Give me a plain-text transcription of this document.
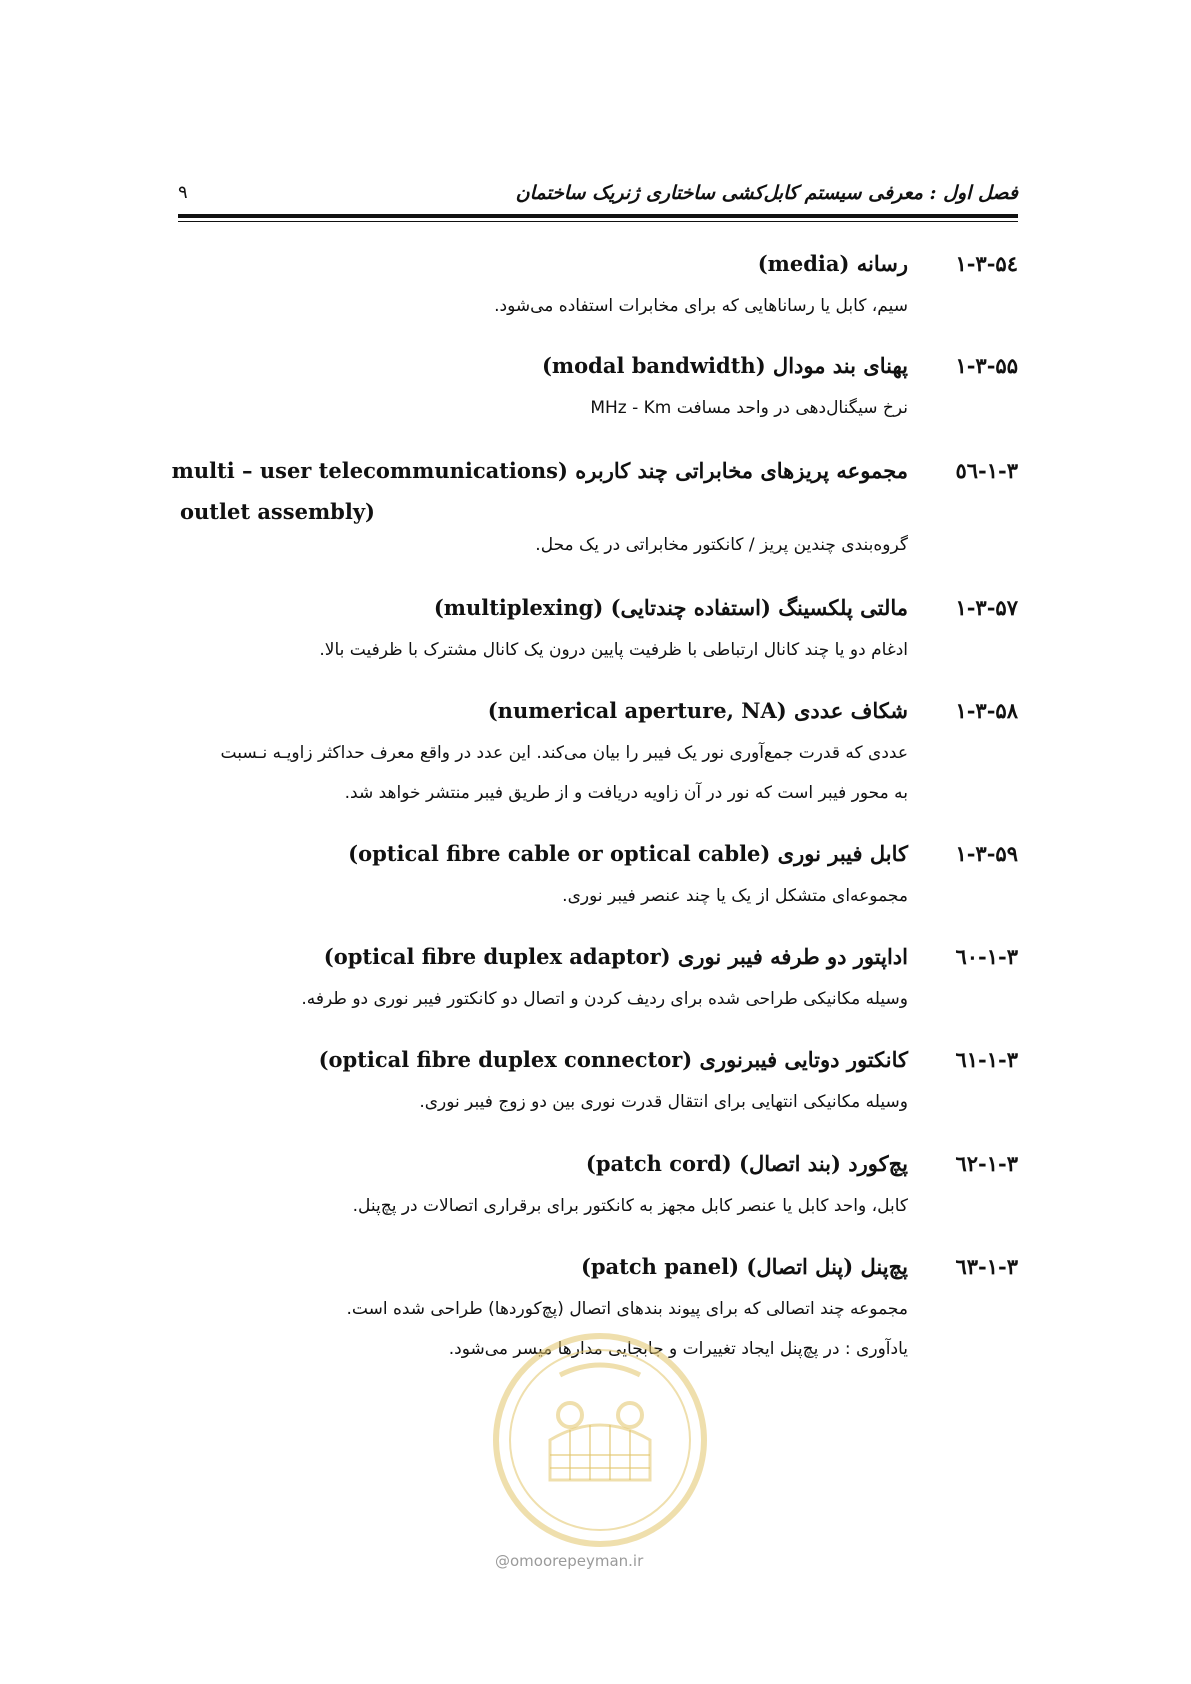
فصل اول : معرفی سیستم کابل‌کشی ساختاری ژنریک ساختمان
۹
۱-۳-۵٤رسانه (media)
سیم، کابل یا رساناهایی که برای مخابرات استفاده می‌شود.
۱-۳-۵۵پهنای بند مودال (modal bandwidth)
نرخ سیگنال‌دهی در واحد مسافت MHz - Km
۱-۳-٥٦مجموعه پریزهای مخابراتی چند کاربره (multi – user telecommunications
outlet assembly)
گروه‌بندی چندین پریز / کانکتور مخابراتی در یک محل.
۱-۳-۵۷مالتی پلکسینگ (استفاده چندتایی) (multiplexing)
ادغام دو یا چند کانال ارتباطی با ظرفیت پایین درون یک کانال مشترک با ظرفیت بالا.
۱-۳-۵۸شکاف عددی (numerical aperture, NA)
عددی که قدرت جمع‌آوری نور یک فیبر را بیان می‌کند. این عدد در واقع معرف حداکثر زاویـه نـسبت
به محور فیبر است که نور در آن زاویه دریافت و از طریق فیبر منتشر خواهد شد.
۱-۳-۵۹کابل فیبر نوری (optical fibre cable or optical cable)
مجموعه‌ای متشکل از یک یا چند عنصر فیبر نوری.
۱-۳-٦۰اداپتور دو طرفه فیبر نوری (optical fibre duplex adaptor)
وسیله مکانیکی طراحی شده برای ردیف کردن و اتصال دو کانکتور فیبر نوری دو طرفه.
۱-۳-٦۱کانکتور دوتایی فیبرنوری (optical fibre duplex connector)
وسیله مکانیکی انتهایی برای انتقال قدرت نوری بین دو زوج فیبر نوری.
۱-۳-٦۲پچ‌کورد (بند اتصال) (patch cord)
کابل، واحد کابل یا عنصر کابل مجهز به کانکتور برای برقراری اتصالات در پچ‌پنل.
۱-۳-٦۳پچ‌پنل (پنل اتصال) (patch panel)
مجموعه چند اتصالی که برای پیوند بندهای اتصال (پچ‌کوردها) طراحی شده است.
یادآوری : در پچ‌پنل ایجاد تغییرات و جابجایی مدارها میسر می‌شود.
@omoorepeyman.ir
